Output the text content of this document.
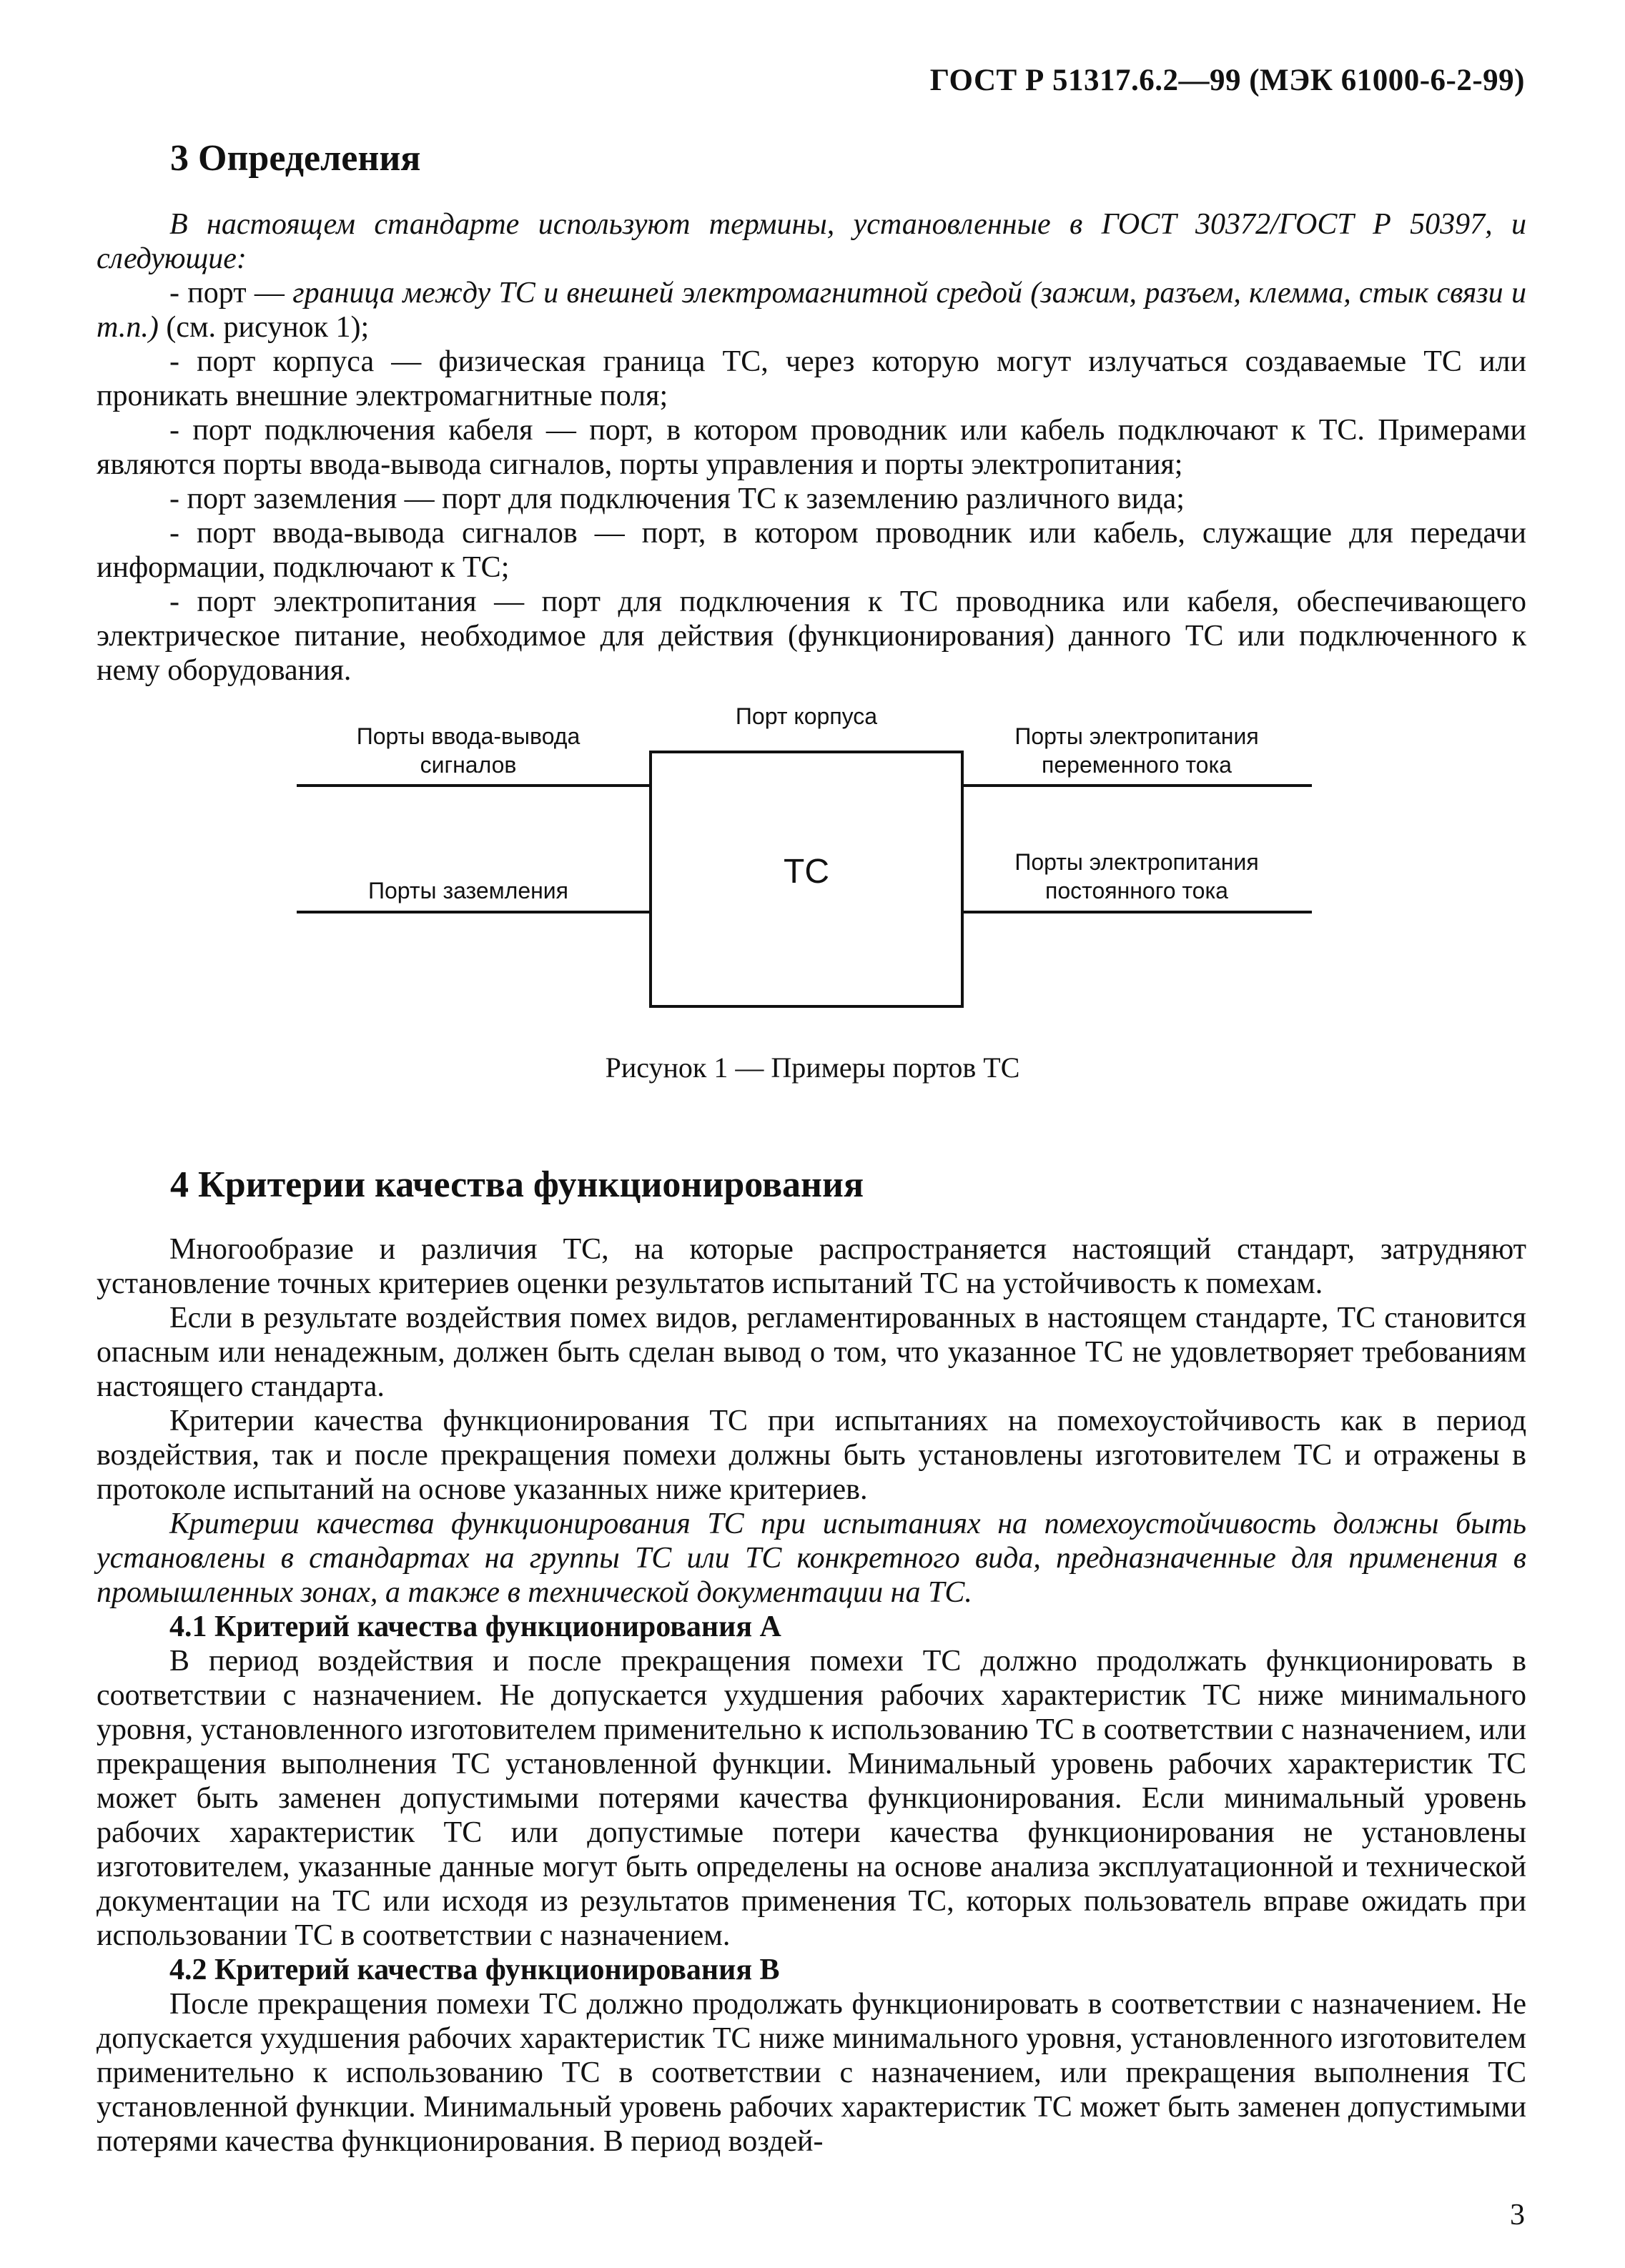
ГОСТ Р 51317.6.2—99 (МЭК 61000-6-2-99)
3 Определения

В настоящем стандарте используют термины, установленные в ГОСТ 30372/ГОСТ Р 50397, и следующие:

- порт — граница между ТС и внешней электромагнитной средой (зажим, разъем, клемма, стык связи и т.п.) (см. рисунок 1);

- порт корпуса — физическая граница ТС, через которую могут излучаться создаваемые ТС или проникать внешние электромагнитные поля;

- порт подключения кабеля — порт, в котором проводник или кабель подключают к ТС. Примерами являются порты ввода-вывода сигналов, порты управления и порты электропитания;

- порт заземления — порт для подключения ТС к заземлению различного вида;

- порт ввода-вывода сигналов — порт, в котором проводник или кабель, служащие для передачи информации, подключают к ТС;

- порт электропитания — порт для подключения к ТС проводника или кабеля, обеспечивающего электрическое питание, необходимое для действия (функционирования) данного ТС или подключенного к нему оборудования.

ТС
Порт корпуса
Порты ввода-вывода
сигналов
Порты заземления
Порты электропитания
переменного тока
Порты электропитания
постоянного тока
Рисунок 1 — Примеры портов ТС
4 Критерии качества функционирования

Многообразие и различия ТС, на которые распространяется настоящий стандарт, затрудняют установление точных критериев оценки результатов испытаний ТС на устойчивость к помехам.

Если в результате воздействия помех видов, регламентированных в настоящем стандарте, ТС становится опасным или ненадежным, должен быть сделан вывод о том, что указанное ТС не удовлетворяет требованиям настоящего стандарта.

Критерии качества функционирования ТС при испытаниях на помехоустойчивость как в период воздействия, так и после прекращения помехи должны быть установлены изготовителем ТС и отражены в протоколе испытаний на основе указанных ниже критериев.

Критерии качества функционирования ТС при испытаниях на помехоустойчивость должны быть установлены в стандартах на группы ТС или ТС конкретного вида, предназначенные для применения в промышленных зонах, а также в технической документации на ТС.

4.1 Критерий качества функционирования А

В период воздействия и после прекращения помехи ТС должно продолжать функционировать в соответствии с назначением. Не допускается ухудшения рабочих характеристик ТС ниже минимального уровня, установленного изготовителем применительно к использованию ТС в соответствии с назначением, или прекращения выполнения ТС установленной функции. Минимальный уровень рабочих характеристик ТС может быть заменен допустимыми потерями качества функционирования. Если минимальный уровень рабочих характеристик ТС или допустимые потери качества функционирования не установлены изготовителем, указанные данные могут быть определены на основе анализа эксплуатационной и технической документации на ТС или исходя из результатов применения ТС, которых пользователь вправе ожидать при использовании ТС в соответствии с назначением.

4.2 Критерий качества функционирования В

После прекращения помехи ТС должно продолжать функционировать в соответствии с назначением. Не допускается ухудшения рабочих характеристик ТС ниже минимального уровня, установленного изготовителем применительно к использованию ТС в соответствии с назначением, или прекращения выполнения ТС установленной функции. Минимальный уровень рабочих характеристик ТС может быть заменен допустимыми потерями качества функционирования. В период воздей-

3
